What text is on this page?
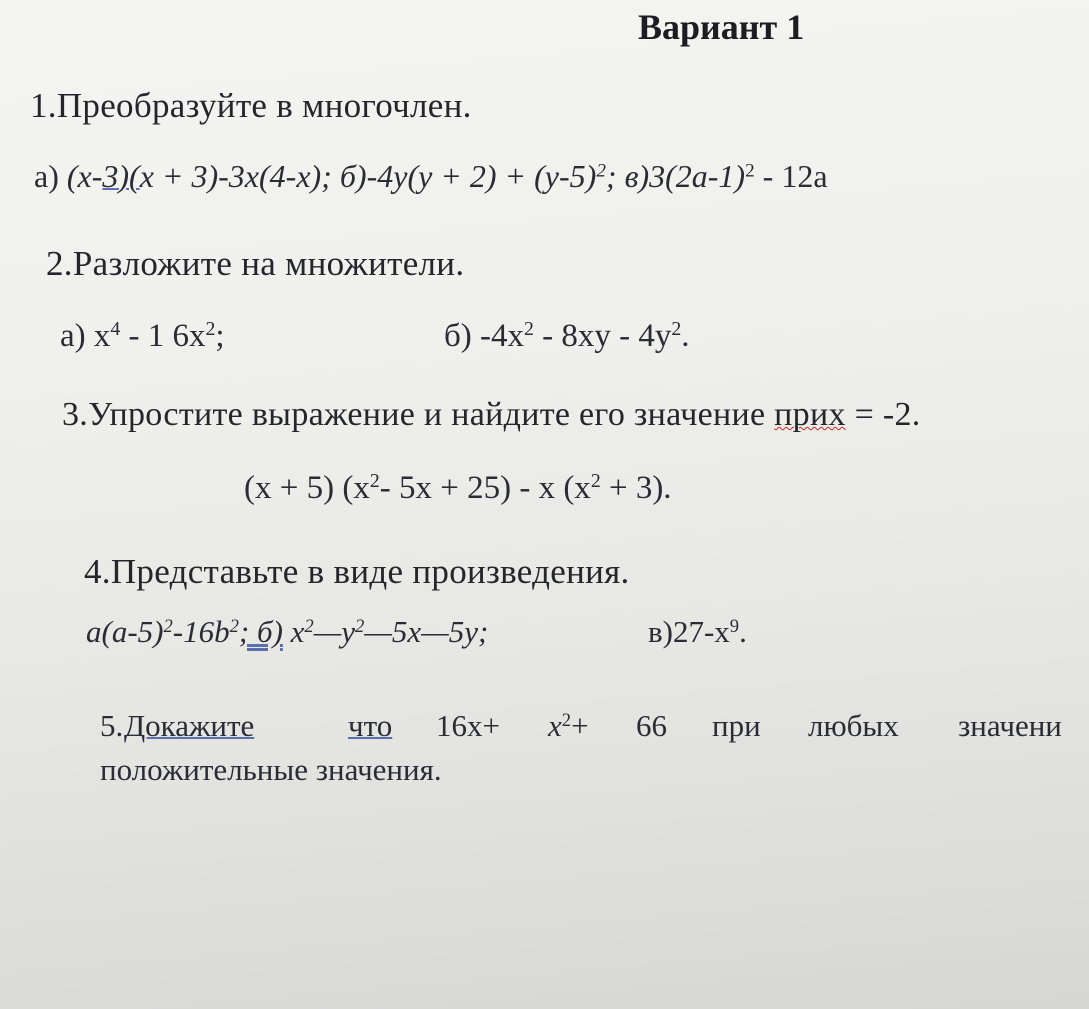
Вариант 1
1.Преобразуйте в многочлен.
а) (x-3)(x + 3)-3x(4-x); $б)-4y(y + 2) + (y-5)^2$; $в)3(2a-1)^2 - 12a$
2.Разложите на множители.
а) $x^4 - 1$ $6x^2$;	б) $-4x^2 - 8xy - 4y^2$.
3.Упростите выражение и найдите его значение прих = -2.
(x + 5) ($x^2-$ 5x + 25) - x $(x^2 + 3)$.
4.Представьте в виде произведения.
$a(a-5)^2-16b^2$; б) $x^2—y^2—5x—5y$;	$в)27-x^9$.
5. Докажите	что $16x+ x^2+ 66$ при любых значени
положительные значения.
